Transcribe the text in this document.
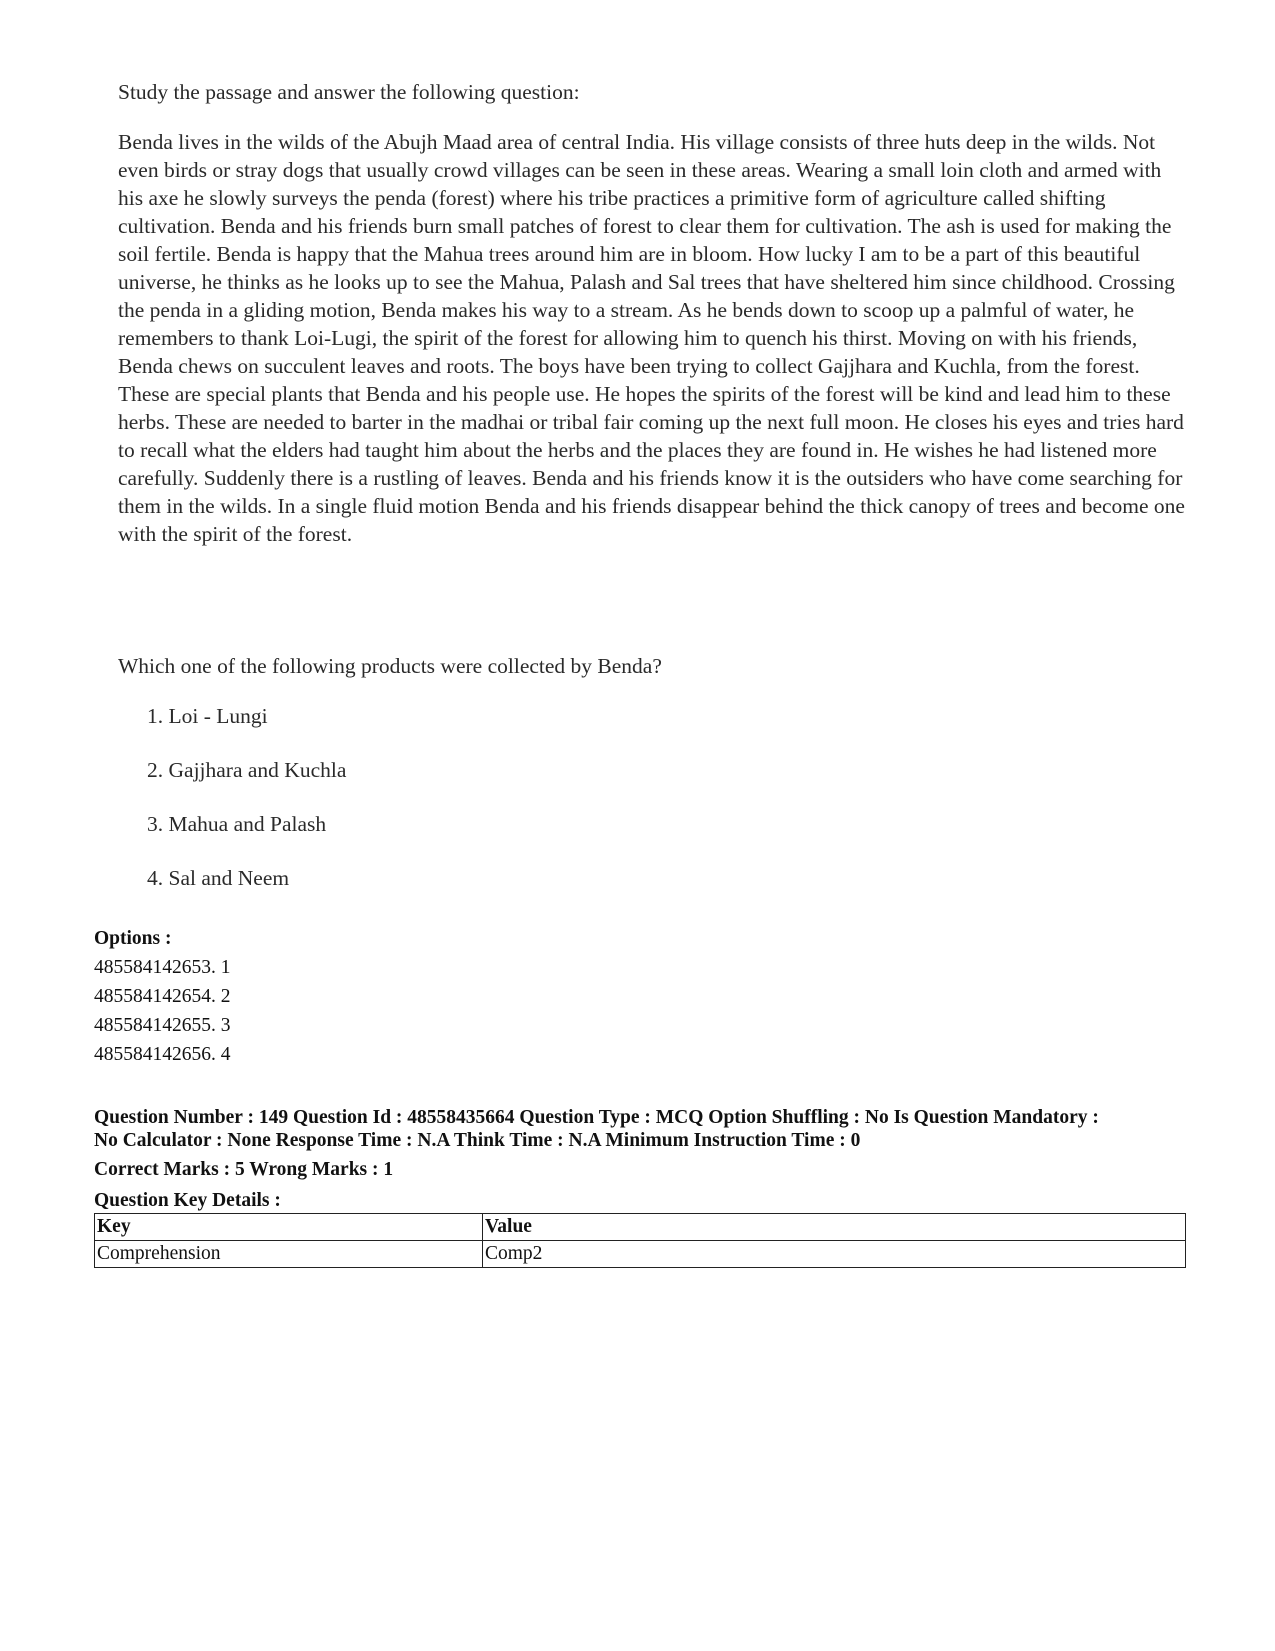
Study the passage and answer the following question:

Benda lives in the wilds of the Abujh Maad area of central India. His village consists of three huts deep in the wilds. Not even birds or stray dogs that usually crowd villages can be seen in these areas. Wearing a small loin cloth and armed with his axe he slowly surveys the penda (forest) where his tribe practices a primitive form of agriculture called shifting cultivation. Benda and his friends burn small patches of forest to clear them for cultivation. The ash is used for making the soil fertile. Benda is happy that the Mahua trees around him are in bloom. How lucky I am to be a part of this beautiful universe, he thinks as he looks up to see the Mahua, Palash and Sal trees that have sheltered him since childhood. Crossing the penda in a gliding motion, Benda makes his way to a stream. As he bends down to scoop up a palmful of water, he remembers to thank Loi-Lugi, the spirit of the forest for allowing him to quench his thirst. Moving on with his friends, Benda chews on succulent leaves and roots. The boys have been trying to collect Gajjhara and Kuchla, from the forest. These are special plants that Benda and his people use. He hopes the spirits of the forest will be kind and lead him to these herbs. These are needed to barter in the madhai or tribal fair coming up the next full moon. He closes his eyes and tries hard to recall what the elders had taught him about the herbs and the places they are found in. He wishes he had listened more carefully. Suddenly there is a rustling of leaves. Benda and his friends know it is the outsiders who have come searching for them in the wilds. In a single fluid motion Benda and his friends disappear behind the thick canopy of trees and become one with the spirit of the forest.

Which one of the following products were collected by Benda?

1. Loi - Lungi
2. Gajjhara and Kuchla
3. Mahua and Palash
4. Sal and Neem
Options :
485584142653. 1
485584142654. 2
485584142655. 3
485584142656. 4
Question Number : 149 Question Id : 48558435664 Question Type : MCQ Option Shuffling : No Is Question Mandatory :
No Calculator : None Response Time : N.A Think Time : N.A Minimum Instruction Time : 0
Correct Marks : 5 Wrong Marks : 1
Question Key Details :
Key	Value
Comprehension	Comp2
